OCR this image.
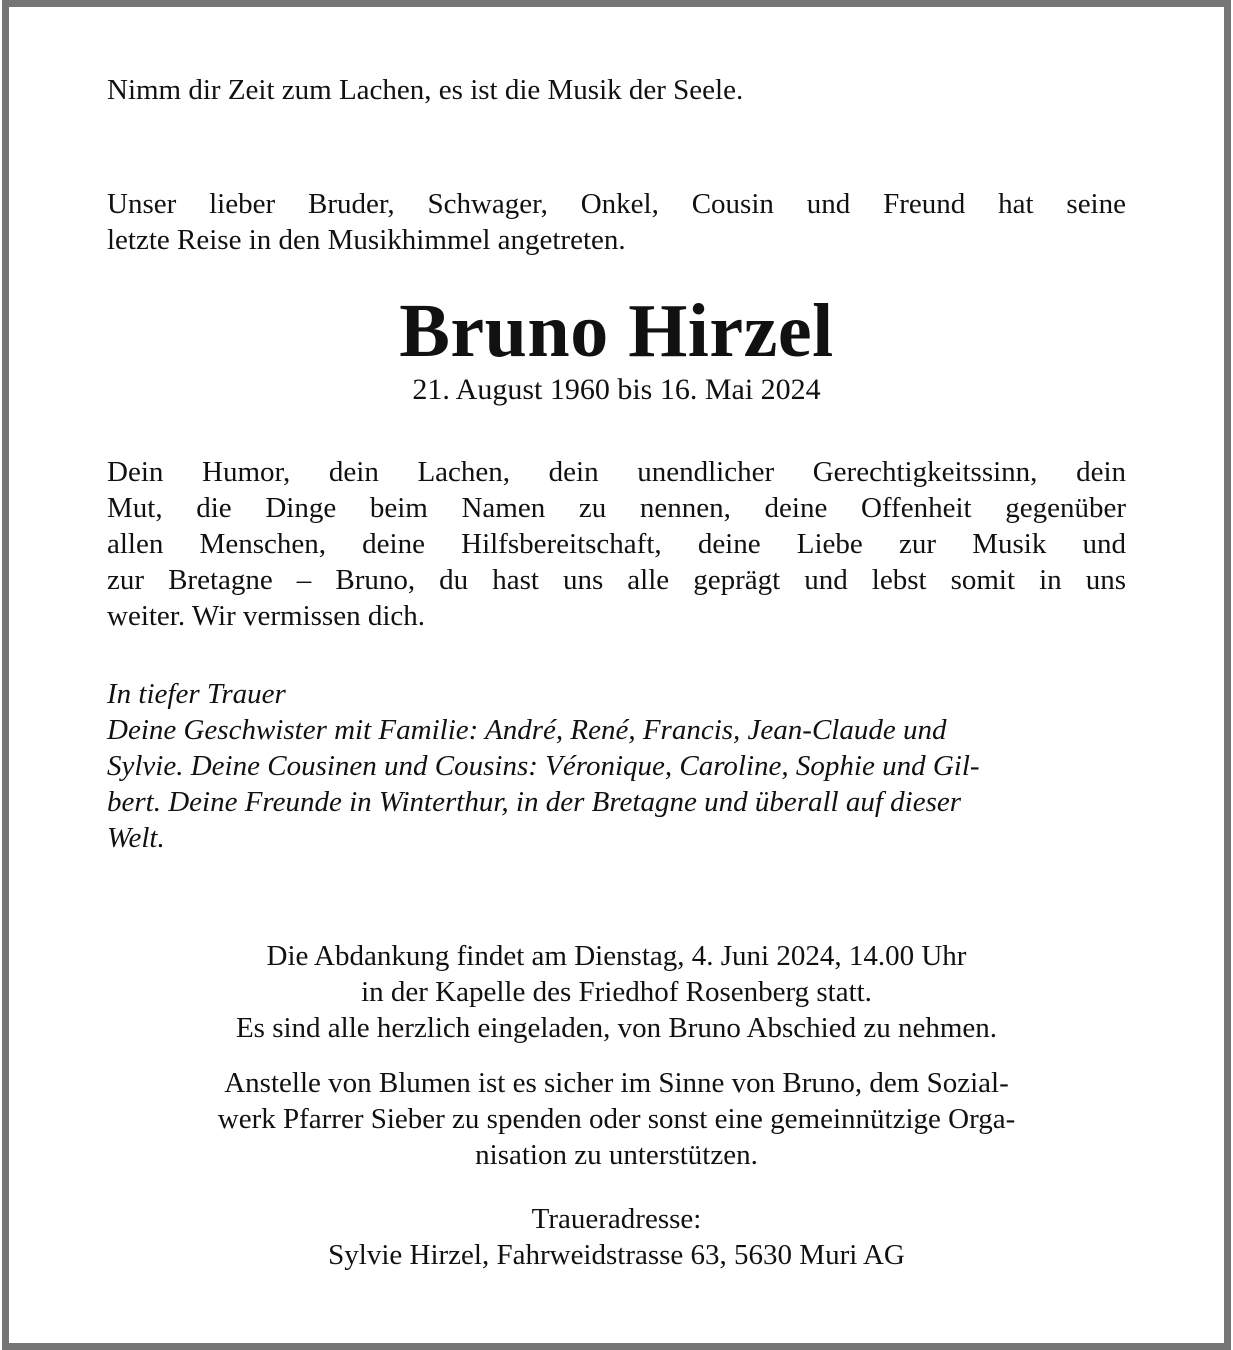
Nimm dir Zeit zum Lachen, es ist die Musik der Seele.
Unser lieber Bruder, Schwager, Onkel, Cousin und Freund hat seine
letzte Reise in den Musikhimmel angetreten.
Bruno Hirzel
21. August 1960 bis 16. Mai 2024
Dein Humor, dein Lachen, dein unendlicher Gerechtigkeitssinn, dein
Mut, die Dinge beim Namen zu nennen, deine Offenheit gegenüber
allen Menschen, deine Hilfsbereitschaft, deine Liebe zur Musik und
zur Bretagne – Bruno, du hast uns alle geprägt und lebst somit in uns
weiter. Wir vermissen dich.
In tiefer Trauer
Deine Geschwister mit Familie: André, René, Francis, Jean-Claude und
Sylvie. Deine Cousinen und Cousins: Véronique, Caroline, Sophie und Gil-
bert. Deine Freunde in Winterthur, in der Bretagne und überall auf dieser
Welt.
Die Abdankung findet am Dienstag, 4. Juni 2024, 14.00 Uhr
in der Kapelle des Friedhof Rosenberg statt.
Es sind alle herzlich eingeladen, von Bruno Abschied zu nehmen.
Anstelle von Blumen ist es sicher im Sinne von Bruno, dem Sozial-
werk Pfarrer Sieber zu spenden oder sonst eine gemeinnützige Orga-
nisation zu unterstützen.
Traueradresse:
Sylvie Hirzel, Fahrweidstrasse 63, 5630 Muri AG
